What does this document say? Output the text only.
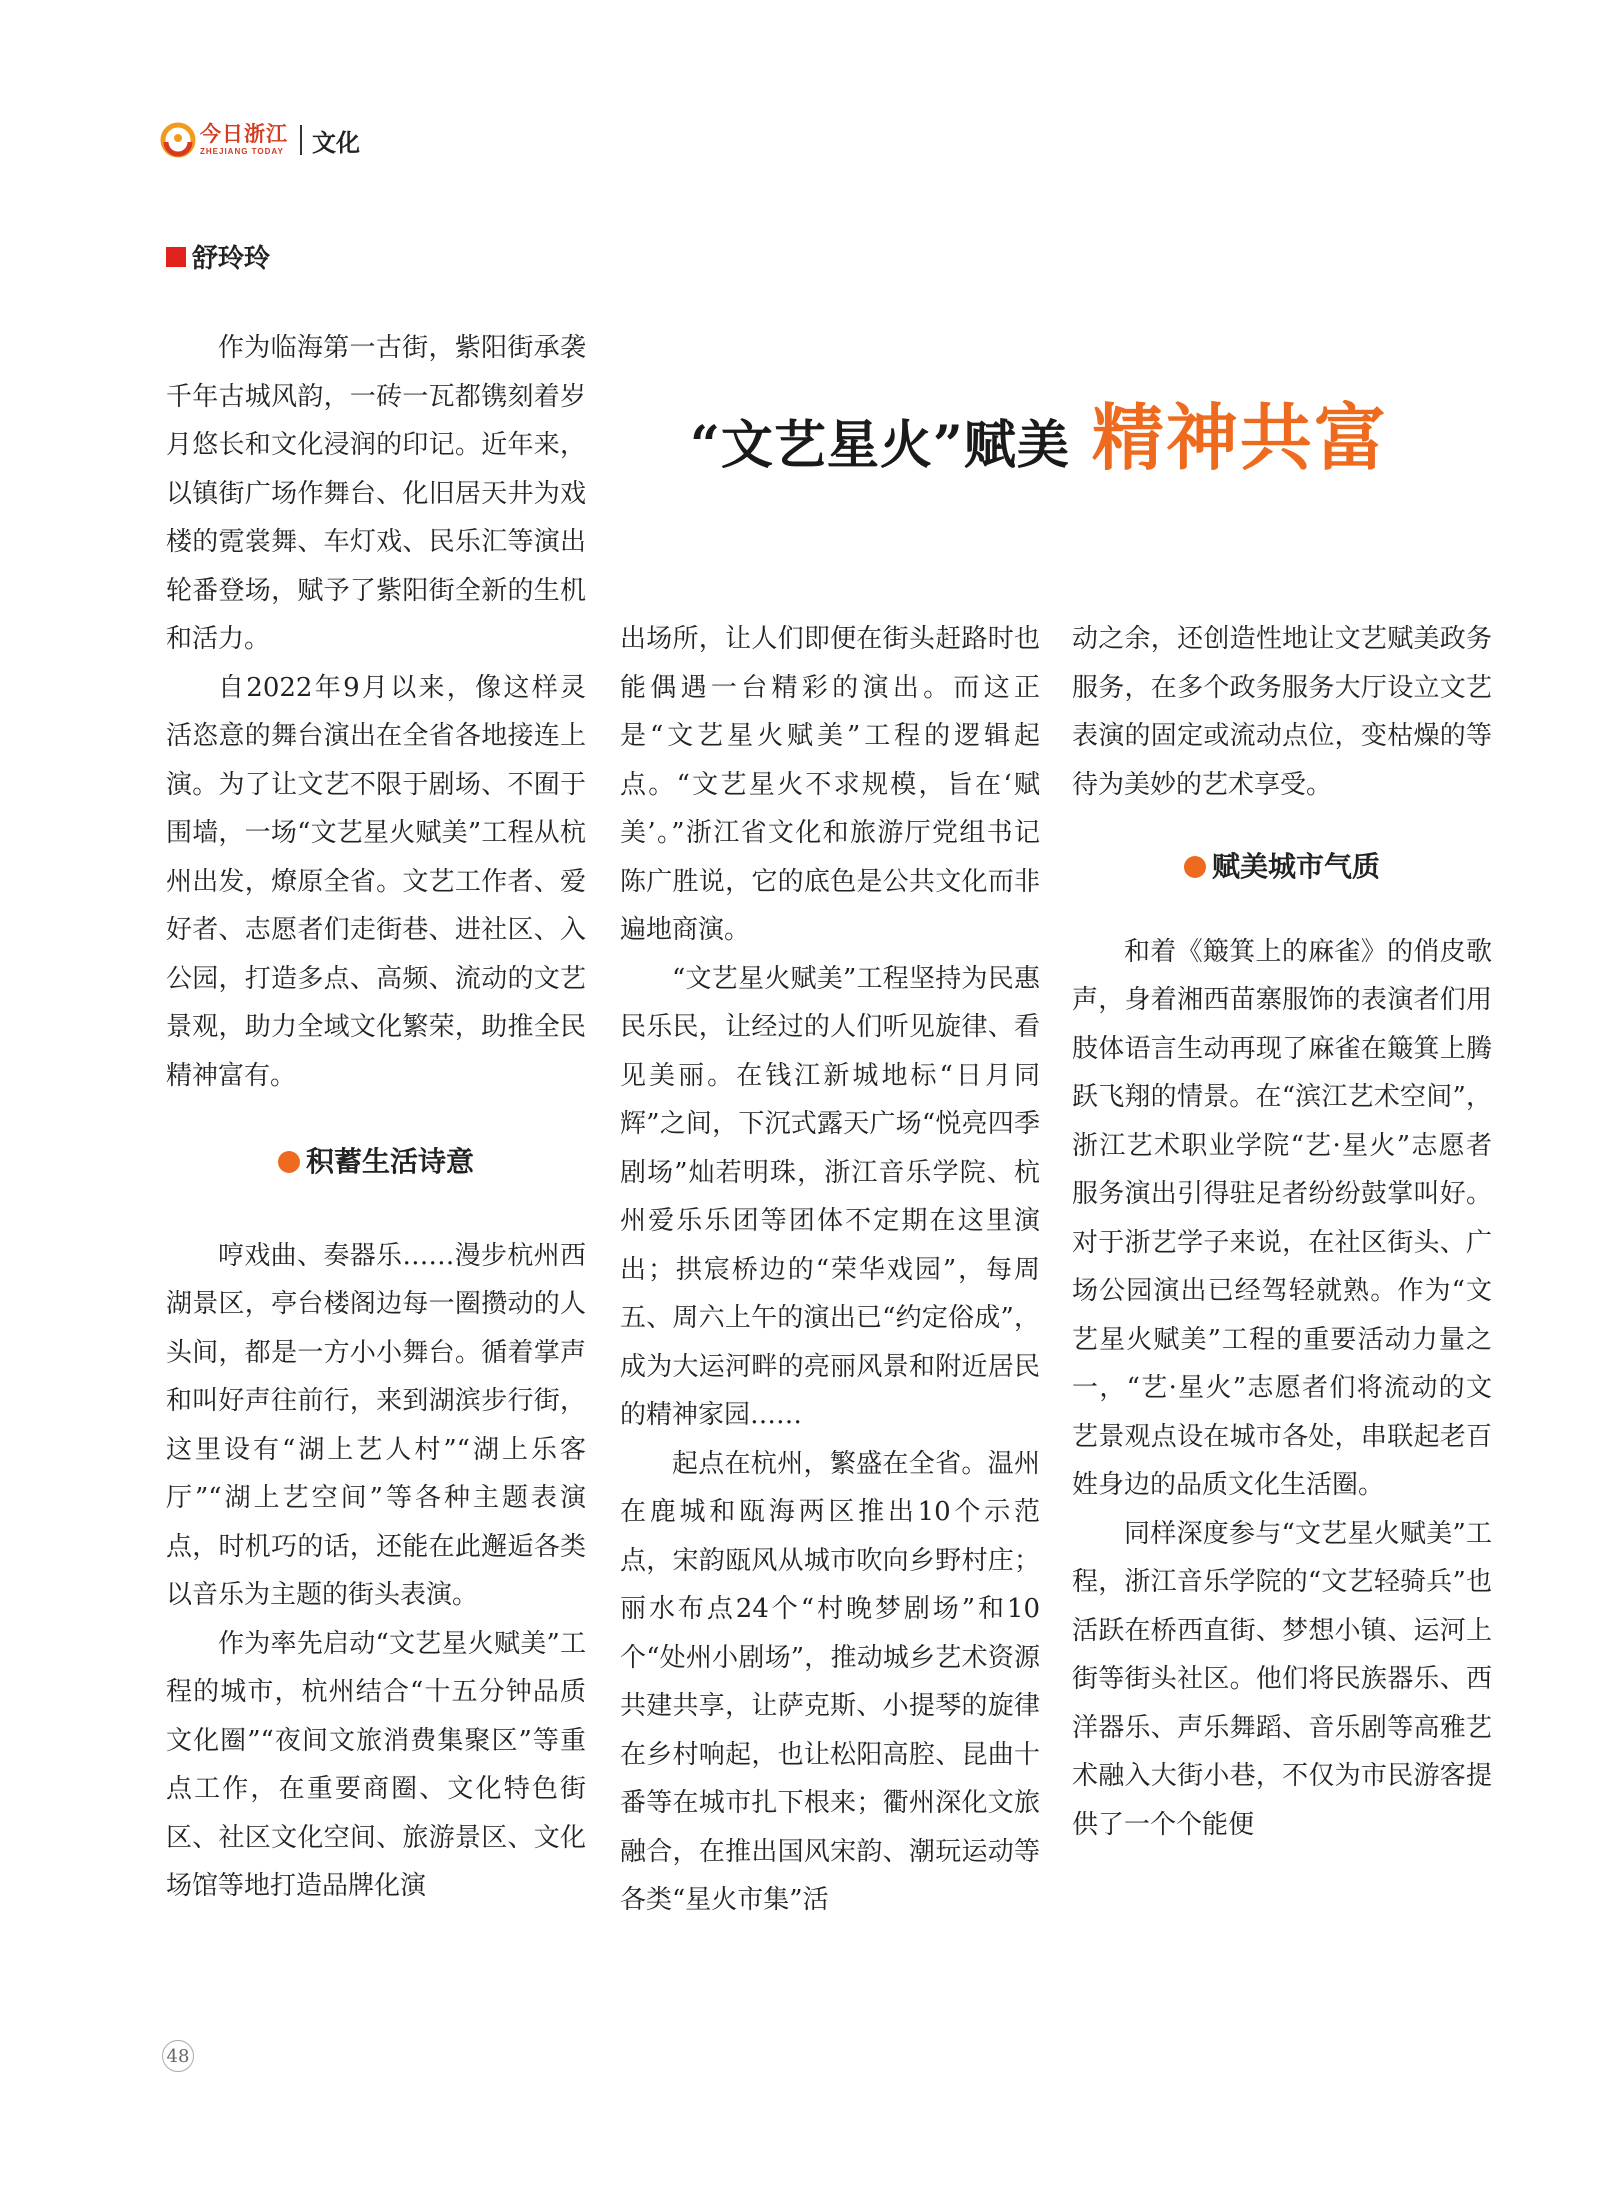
今日浙江
ZHEJIANG TODAY 文化
舒玲玲
“文艺星火”赋美 精神共富

作为临海第一古街，紫阳街承袭千年古城风韵，一砖一瓦都镌刻着岁月悠长和文化浸润的印记。近年来，以镇街广场作舞台、化旧居天井为戏楼的霓裳舞、车灯戏、民乐汇等演出轮番登场，赋予了紫阳街全新的生机和活力。

自2022年9月以来，像这样灵活恣意的舞台演出在全省各地接连上演。为了让文艺不限于剧场、不囿于围墙，一场“文艺星火赋美”工程从杭州出发，燎原全省。文艺工作者、爱好者、志愿者们走街巷、进社区、入公园，打造多点、高频、流动的文艺景观，助力全域文化繁荣，助推全民精神富有。

积蓄生活诗意

哼戏曲、奏器乐……漫步杭州西湖景区，亭台楼阁边每一圈攒动的人头间，都是一方小小舞台。循着掌声和叫好声往前行，来到湖滨步行街，这里设有“湖上艺人村”“湖上乐客厅”“湖上艺空间”等各种主题表演点，时机巧的话，还能在此邂逅各类以音乐为主题的街头表演。

作为率先启动“文艺星火赋美”工程的城市，杭州结合“十五分钟品质文化圈”“夜间文旅消费集聚区”等重点工作，在重要商圈、文化特色街区、社区文化空间、旅游景区、文化场馆等地打造品牌化演

出场所，让人们即便在街头赶路时也能偶遇一台精彩的演出。而这正是“文艺星火赋美”工程的逻辑起点。“文艺星火不求规模，旨在‘赋美’。”浙江省文化和旅游厅党组书记陈广胜说，它的底色是公共文化而非遍地商演。

“文艺星火赋美”工程坚持为民惠民乐民，让经过的人们听见旋律、看见美丽。在钱江新城地标“日月同辉”之间，下沉式露天广场“悦亮四季剧场”灿若明珠，浙江音乐学院、杭州爱乐乐团等团体不定期在这里演出；拱宸桥边的“荣华戏园”，每周五、周六上午的演出已“约定俗成”，成为大运河畔的亮丽风景和附近居民的精神家园……

起点在杭州，繁盛在全省。温州在鹿城和瓯海两区推出10个示范点，宋韵瓯风从城市吹向乡野村庄；丽水布点24个“村晚梦剧场”和10个“处州小剧场”，推动城乡艺术资源共建共享，让萨克斯、小提琴的旋律在乡村响起，也让松阳高腔、昆曲十番等在城市扎下根来；衢州深化文旅融合，在推出国风宋韵、潮玩运动等各类“星火市集”活

动之余，还创造性地让文艺赋美政务服务，在多个政务服务大厅设立文艺表演的固定或流动点位，变枯燥的等待为美妙的艺术享受。

赋美城市气质

和着《簸箕上的麻雀》的俏皮歌声，身着湘西苗寨服饰的表演者们用肢体语言生动再现了麻雀在簸箕上腾跃飞翔的情景。在“滨江艺术空间”，浙江艺术职业学院“艺·星火”志愿者服务演出引得驻足者纷纷鼓掌叫好。对于浙艺学子来说，在社区街头、广场公园演出已经驾轻就熟。作为“文艺星火赋美”工程的重要活动力量之一，“艺·星火”志愿者们将流动的文艺景观点设在城市各处，串联起老百姓身边的品质文化生活圈。

同样深度参与“文艺星火赋美”工程，浙江音乐学院的“文艺轻骑兵”也活跃在桥西直街、梦想小镇、运河上街等街头社区。他们将民族器乐、西洋器乐、声乐舞蹈、音乐剧等高雅艺术融入大街小巷，不仅为市民游客提供了一个个能便

48
